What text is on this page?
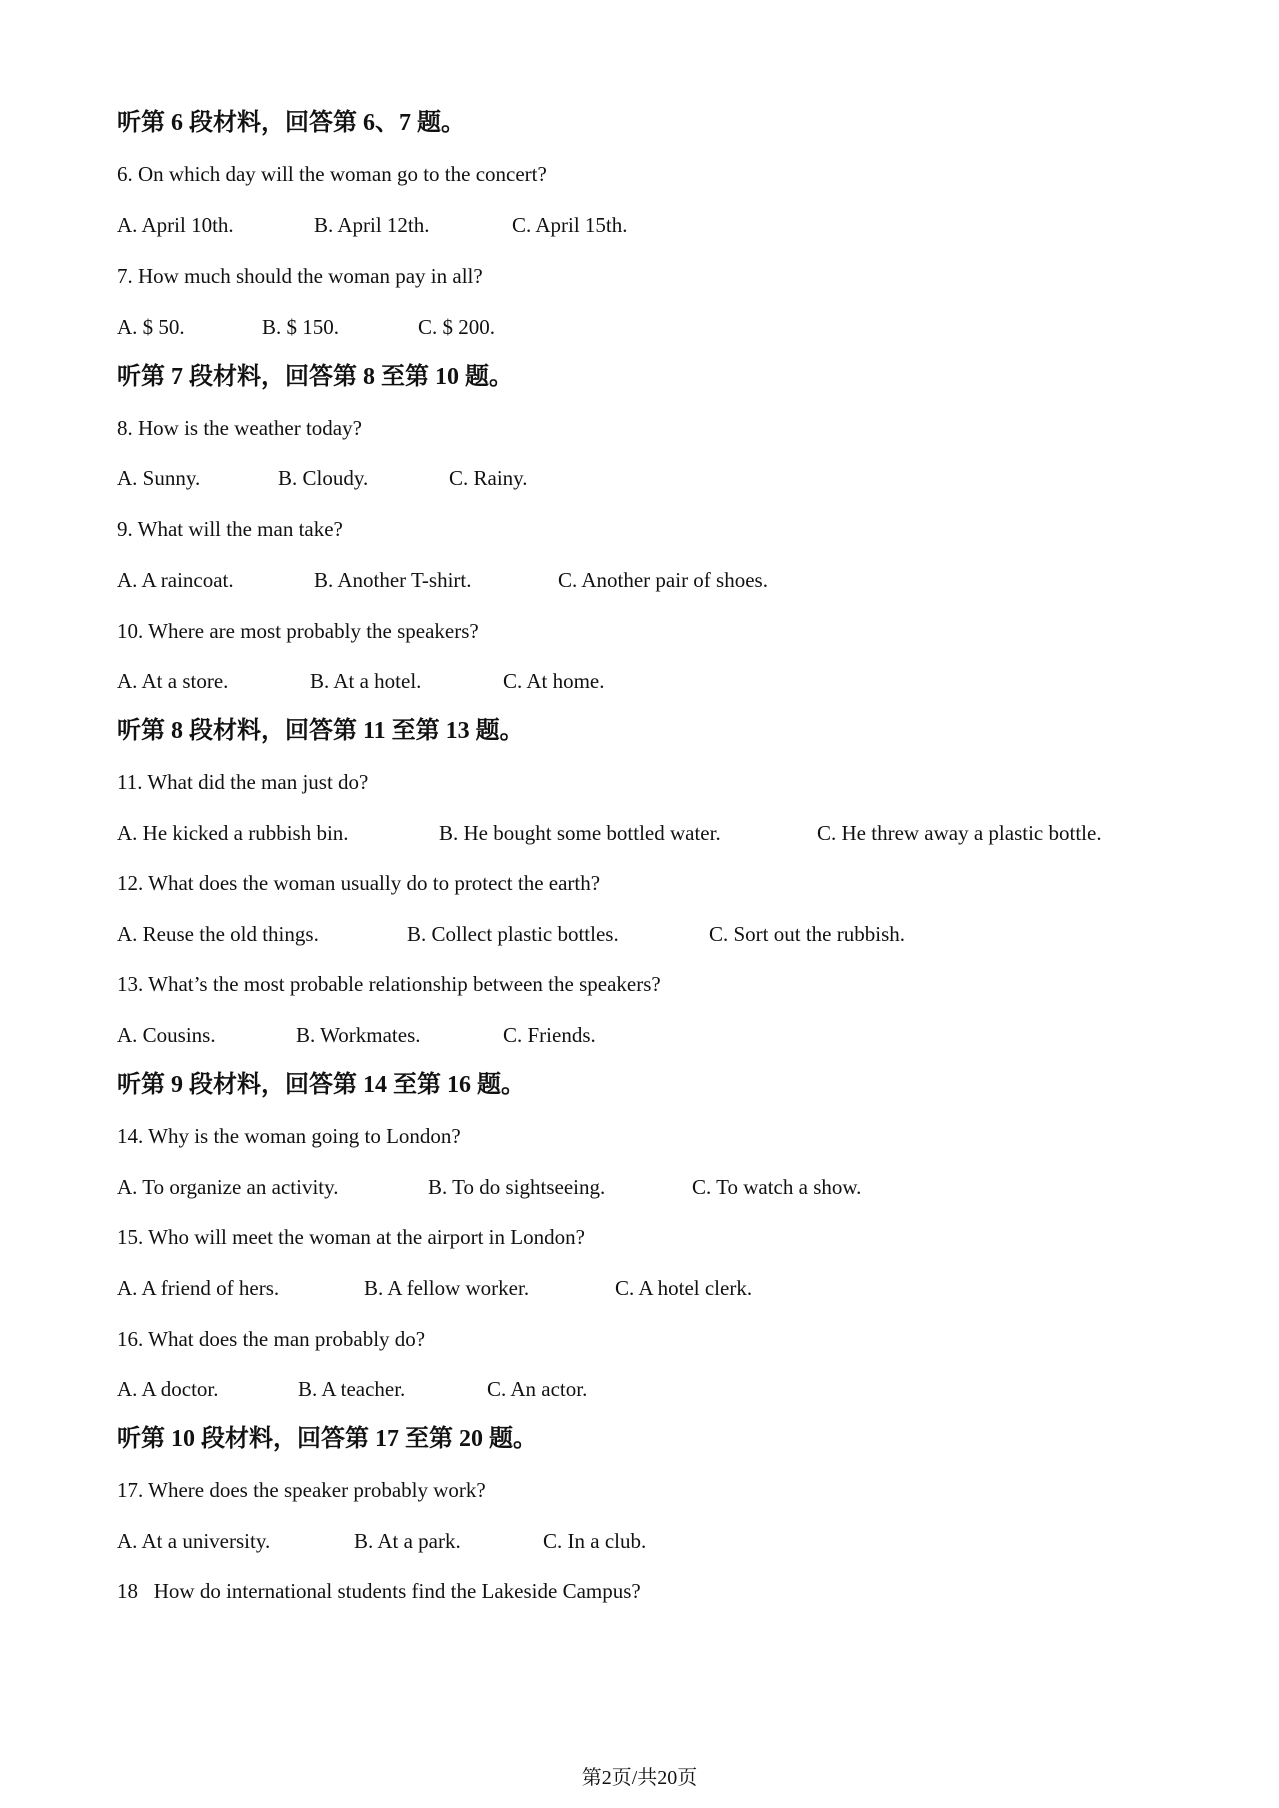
听第 6 段材料，回答第 6、7 题。
6. On which day will the woman go to the concert?
A. April 10th.	B. April 12th.	C. April 15th.
7. How much should the woman pay in all?
A. $ 50.	B. $ 150.	C. $ 200.
听第 7 段材料，回答第 8 至第 10 题。
8. How is the weather today?
A. Sunny.	B. Cloudy.	C. Rainy.
9. What will the man take?
A. A raincoat.	B. Another T-shirt.	C. Another pair of shoes.
10. Where are most probably the speakers?
A. At a store.	B. At a hotel.	C. At home.
听第 8 段材料，回答第 11 至第 13 题。
11. What did the man just do?
A. He kicked a rubbish bin.	B. He bought some bottled water.	C. He threw away a plastic bottle.
12. What does the woman usually do to protect the earth?
A. Reuse the old things.	B. Collect plastic bottles.	C. Sort out the rubbish.
13. What’s the most probable relationship between the speakers?
A. Cousins.	B. Workmates.	C. Friends.
听第 9 段材料，回答第 14 至第 16 题。
14. Why is the woman going to London?
A. To organize an activity.	B. To do sightseeing.	C. To watch a show.
15. Who will meet the woman at the airport in London?
A. A friend of hers.	B. A fellow worker.	C. A hotel clerk.
16. What does the man probably do?
A. A doctor.	B. A teacher.	C. An actor.
听第 10 段材料，回答第 17 至第 20 题。
17. Where does the speaker probably work?
A. At a university.	B. At a park.	C. In a club.
18   How do international students find the Lakeside Campus?
第2页/共20页
